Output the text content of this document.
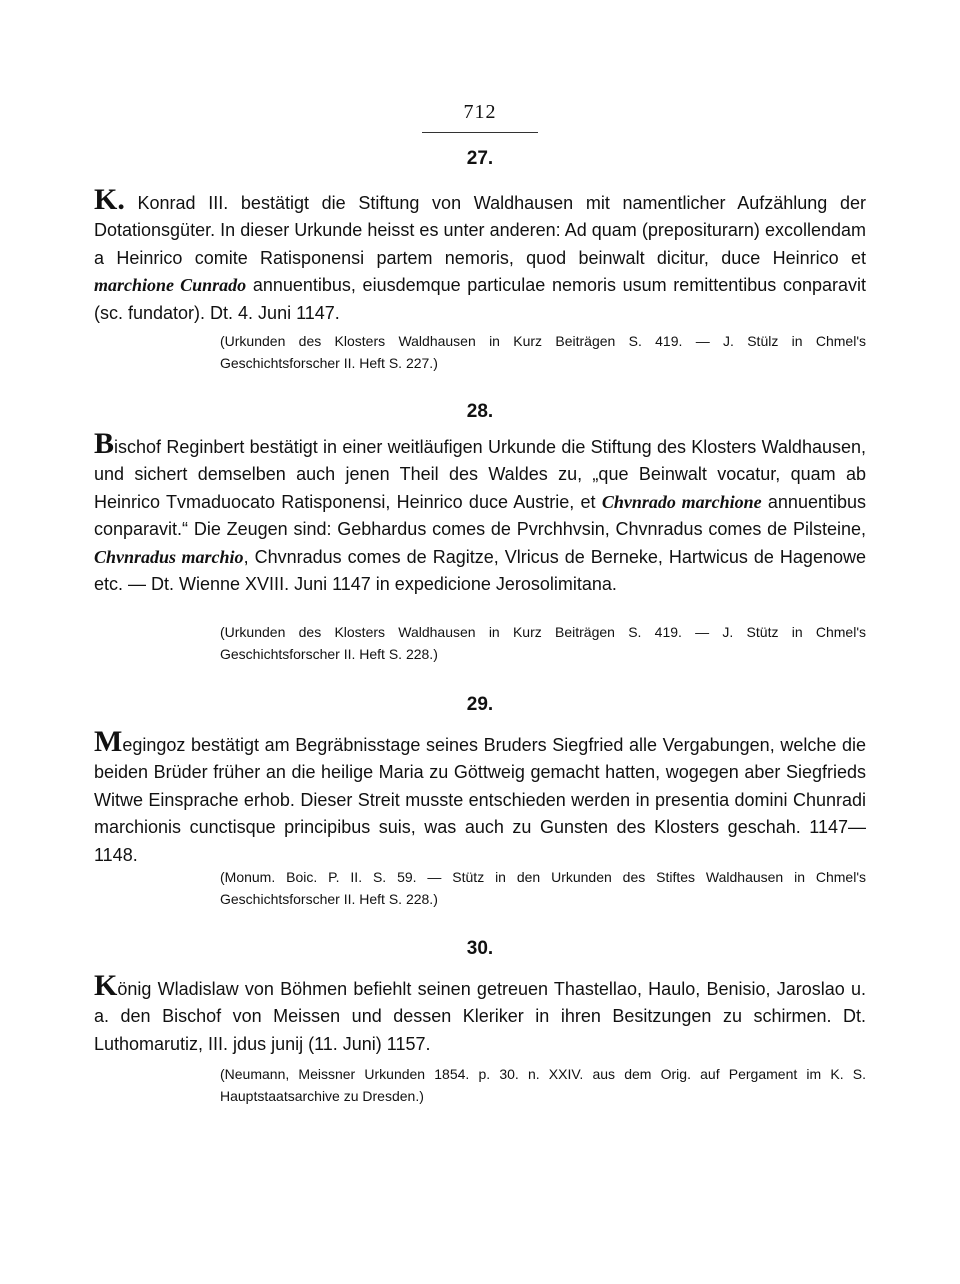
712
27.
K. Konrad III. bestätigt die Stiftung von Waldhausen mit namentlicher Aufzählung der Dotationsgüter. In dieser Urkunde heisst es unter anderen: Ad quam (prepositurarn) excollendam a Heinrico comite Ratisponensi partem nemoris, quod beinwalt dicitur, duce Heinrico et marchione Cunrado annuentibus, eiusdemque particulae nemoris usum remittentibus conparavit (sc. fundator). Dt. 4. Juni 1147.
(Urkunden des Klosters Waldhausen in Kurz Beiträgen S. 419. — J. Stülz in Chmel's Geschichtsforscher II. Heft S. 227.)
28.
Bischof Reginbert bestätigt in einer weitläufigen Urkunde die Stiftung des Klosters Waldhausen, und sichert demselben auch jenen Theil des Waldes zu, „que Beinwalt vocatur, quam ab Heinrico Tvmaduocato Ratisponensi, Heinrico duce Austrie, et Chvnrado marchione annuentibus conparavit.“ Die Zeugen sind: Gebhardus comes de Pvrchhvsin, Chvnradus comes de Pilsteine, Chvnradus marchio, Chvnradus comes de Ragitze, Vlricus de Berneke, Hartwicus de Hagenowe etc. — Dt. Wienne XVIII. Juni 1147 in expedicione Jerosolimitana.
(Urkunden des Klosters Waldhausen in Kurz Beiträgen S. 419. — J. Stütz in Chmel's Geschichtsforscher II. Heft S. 228.)
29.
Megingoz bestätigt am Begräbnisstage seines Bruders Siegfried alle Vergabungen, welche die beiden Brüder früher an die heilige Maria zu Göttweig gemacht hatten, wogegen aber Siegfrieds Witwe Einsprache erhob. Dieser Streit musste entschieden werden in presentia domini Chunradi marchionis cunctisque principibus suis, was auch zu Gunsten des Klosters geschah. 1147—1148.
(Monum. Boic. P. II. S. 59. — Stütz in den Urkunden des Stiftes Waldhausen in Chmel's Geschichtsforscher II. Heft S. 228.)
30.
König Wladislaw von Böhmen befiehlt seinen getreuen Thastellao, Haulo, Benisio, Jaroslao u. a. den Bischof von Meissen und dessen Kleriker in ihren Besitzungen zu schirmen. Dt. Luthomarutiz, III. jdus junij (11. Juni) 1157.
(Neumann, Meissner Urkunden 1854. p. 30. n. XXIV. aus dem Orig. auf Pergament im K. S. Hauptstaatsarchive zu Dresden.)
